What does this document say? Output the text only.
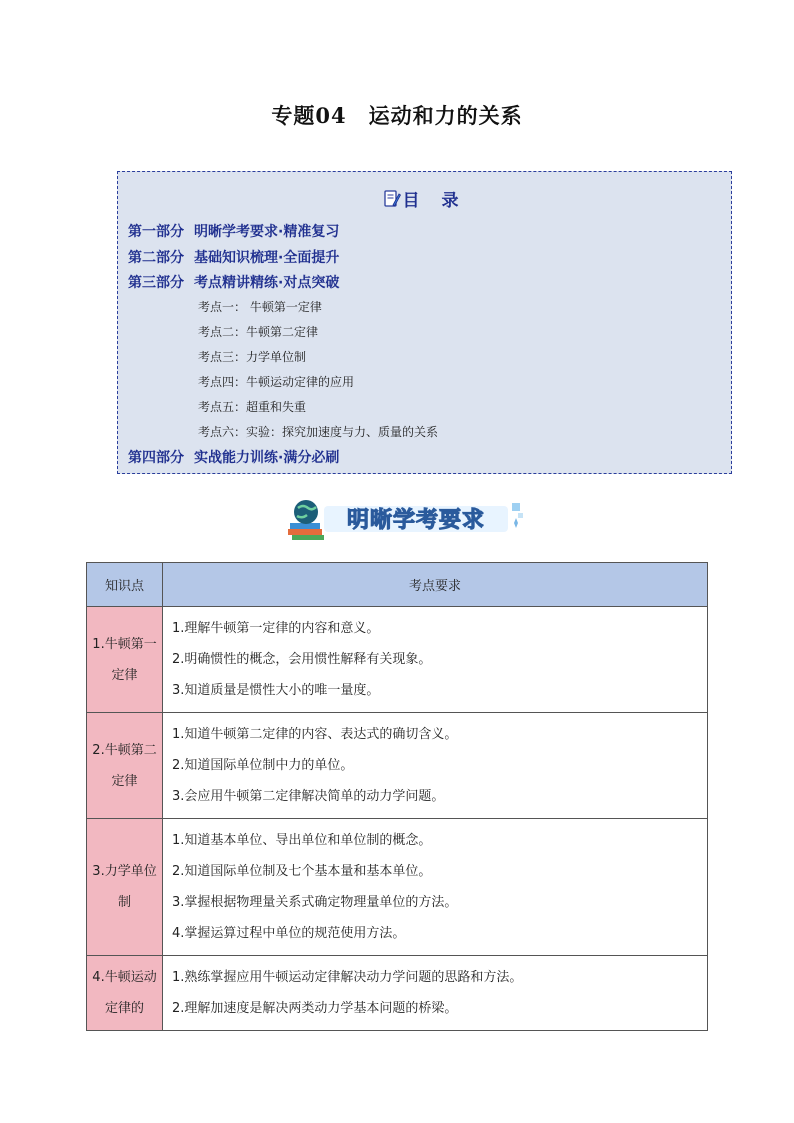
专题04 运动和力的关系
目 录
第一部分 明晰学考要求·精准复习
第二部分 基础知识梳理·全面提升
第三部分 考点精讲精练·对点突破
考点一： 牛顿第一定律
考点二：牛顿第二定律
考点三：力学单位制
考点四：牛顿运动定律的应用
考点五：超重和失重
考点六：实验：探究加速度与力、质量的关系
第四部分 实战能力训练·满分必刷
明晰学考要求
知识点	考点要求
1.牛顿第一定律	1.理解牛顿第一定律的内容和意义。
2.明确惯性的概念，会用惯性解释有关现象。
3.知道质量是惯性大小的唯一量度。

2.牛顿第二定律	1.知道牛顿第二定律的内容、表达式的确切含义。
2.知道国际单位制中力的单位。
3.会应用牛顿第二定律解决简单的动力学问题。

3.力学单位制	1.知道基本单位、导出单位和单位制的概念。
2.知道国际单位制及七个基本量和基本单位。
3.掌握根据物理量关系式确定物理量单位的方法。
4.掌握运算过程中单位的规范使用方法。

4.牛顿运动定律的	1.熟练掌握应用牛顿运动定律解决动力学问题的思路和方法。
2.理解加速度是解决两类动力学基本问题的桥梁。
